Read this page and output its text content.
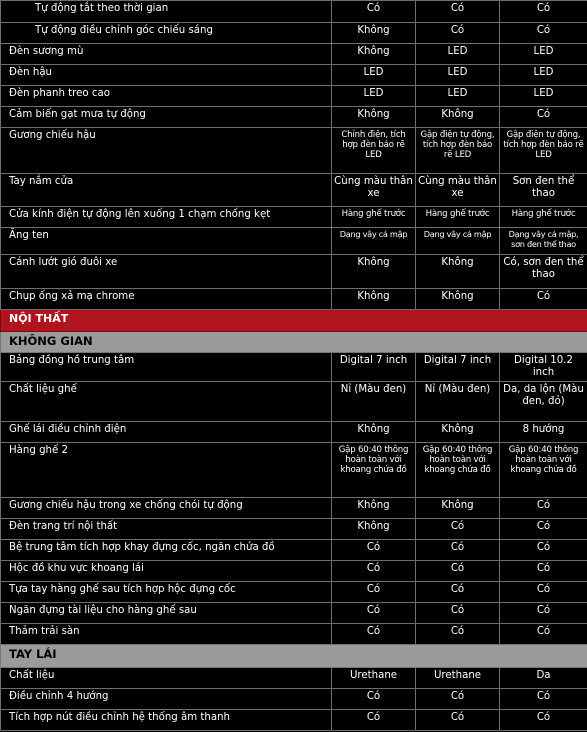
Tự động tắt theo thời gian	Có	Có	Có
Tự động điều chỉnh góc chiếu sáng	Không	Có	Có
Đèn sương mù	Không	LED	LED
Đèn hậu	LED	LED	LED
Đèn phanh treo cao	LED	LED	LED
Cảm biến gạt mưa tự động	Không	Không	Có
Gương chiếu hậu	Chỉnh điện, tích hợp đèn báo rẽ LED	Gập điện tự động, tích hợp đèn báo rẽ LED	Gập điện tự động, tích hợp đèn báo rẽ LED
Tay nắm cửa	Cùng màu thân xe	Cùng màu thân xe	Sơn đen thể thao
Cửa kính điện tự động lên xuống 1 chạm chống kẹt	Hàng ghế trước	Hàng ghế trước	Hàng ghế trước
Ăng ten	Dạng vây cá mập	Dạng vây cá mập	Dạng vây cá mập, sơn đen thể thao
Cánh lướt gió đuôi xe	Không	Không	Có, sơn đen thể thao
Chụp ống xả mạ chrome	Không	Không	Có
NỘI THẤT			
KHÔNG GIAN			
Bảng đồng hồ trung tâm	Digital 7 inch	Digital 7 inch	Digital 10.2 inch
Chất liệu ghế	Nỉ (Màu đen)	Nỉ (Màu đen)	Da, da lộn (Màu đen, đỏ)
Ghế lái điều chỉnh điện	Không	Không	8 hướng
Hàng ghế 2	Gập 60:40 thông hoàn toàn với khoang chứa đồ	Gập 60:40 thông hoàn toàn với khoang chứa đồ	Gập 60:40 thông hoàn toàn với khoang chứa đồ
Gương chiếu hậu trong xe chống chói tự động	Không	Không	Có
Đèn trang trí nội thất	Không	Có	Có
Bệ trung tâm tích hợp khay đựng cốc, ngăn chứa đồ	Có	Có	Có
Hộc đồ khu vực khoang lái	Có	Có	Có
Tựa tay hàng ghế sau tích hợp hộc đựng cốc	Có	Có	Có
Ngăn đựng tài liệu cho hàng ghế sau	Có	Có	Có
Thảm trải sàn	Có	Có	Có
TAY LÁI			
Chất liệu	Urethane	Urethane	Da
Điều chỉnh 4 hướng	Có	Có	Có
Tích hợp nút điều chỉnh hệ thống âm thanh	Có	Có	Có
